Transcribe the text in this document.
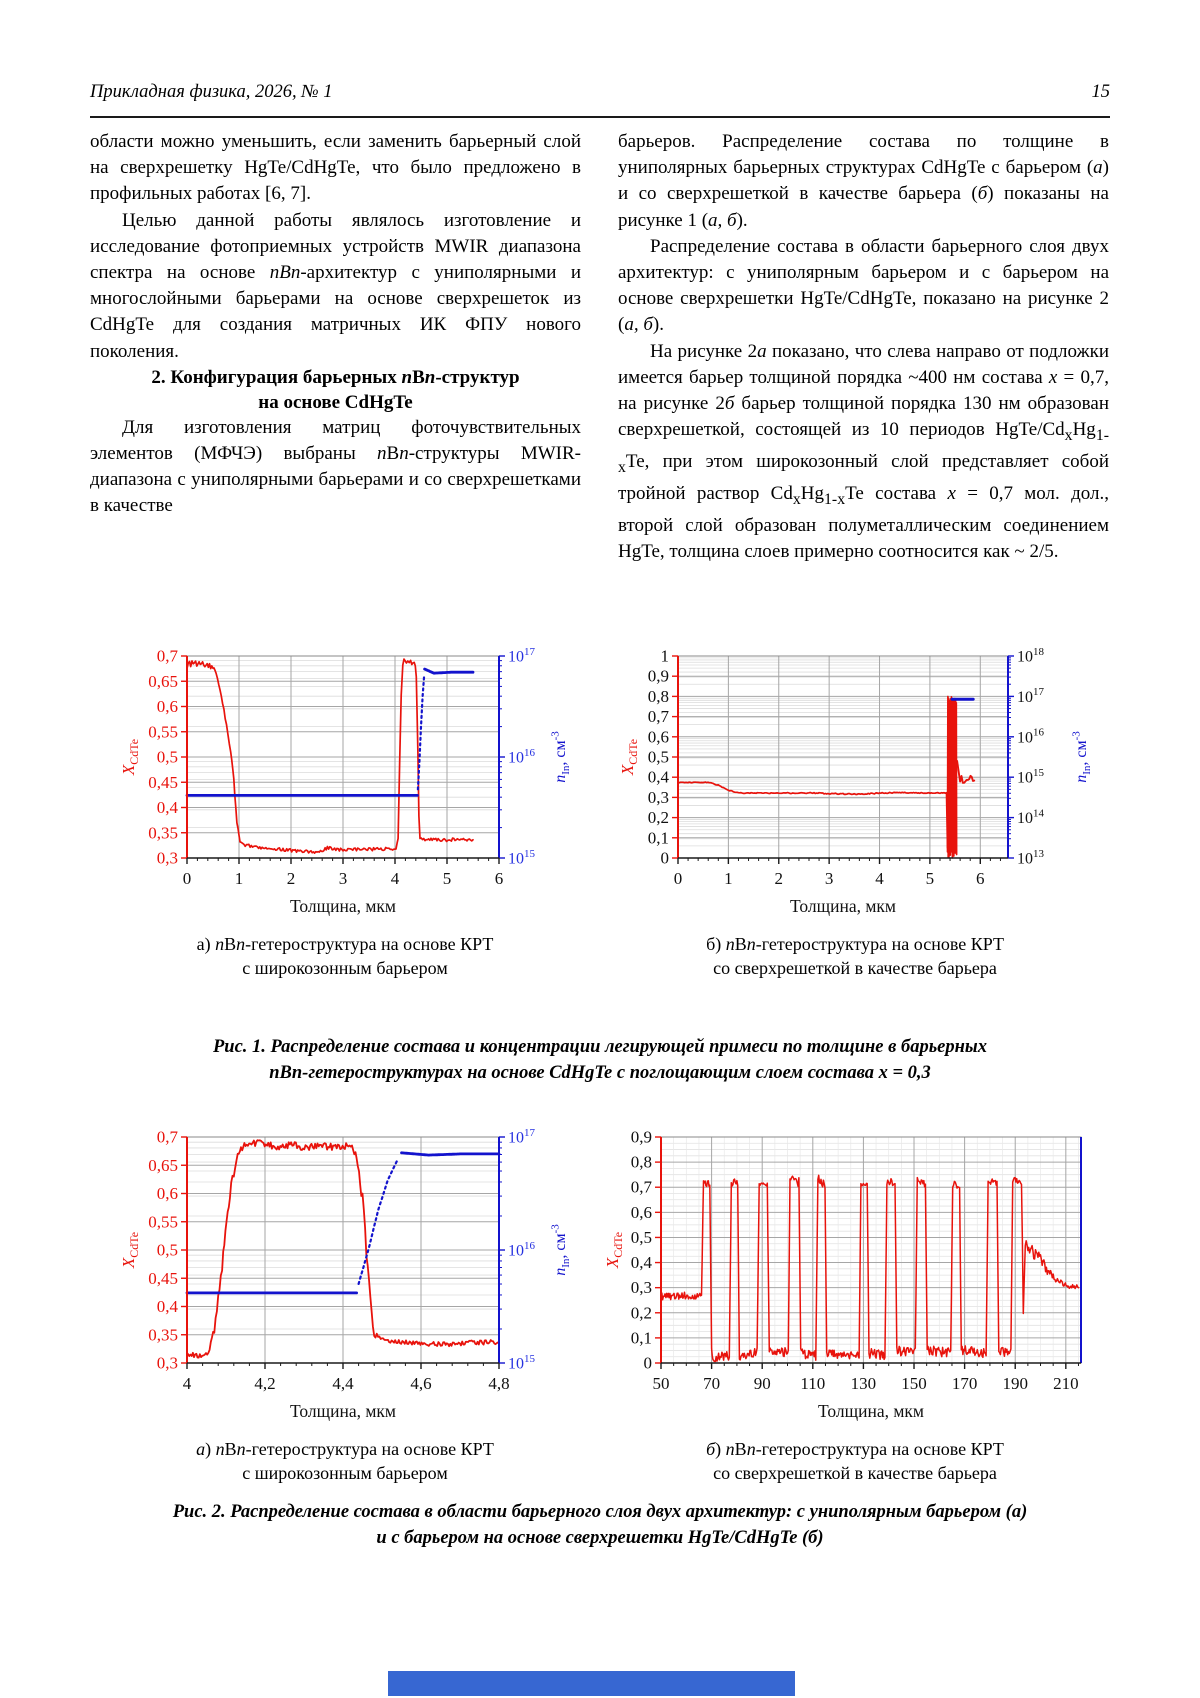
Прикладная физика, 2026, № 1	15

области можно уменьшить, если заменить барьерный слой на сверхрешетку HgTe/CdHgTe, что было предложено в профильных работах [6, 7].

Целью данной работы являлось изготовление и исследование фотоприемных устройств MWIR диапазона спектра на основе nBn-архитектур с униполярными и многослойными барьерами на основе сверхрешеток из CdHgTe для создания матричных ИК ФПУ нового поколения.

2. Конфигурация барьерных nBn-структур
на основе CdHgTe

Для изготовления матриц фоточувствительных элементов (МФЧЭ) выбраны nBn-структуры MWIR-диапазона с униполярными барьерами и со сверхрешетками в качестве

барьеров. Распределение состава по толщине в униполярных барьерных структурах CdHgTe с барьером (а) и со сверхрешеткой в качестве барьера (б) показаны на рисунке 1 (а, б).

Распределение состава в области барьерного слоя двух архитектур: с униполярным барьером и с барьером на основе сверхрешетки HgTe/CdHgTe, показано на рисунке 2 (а, б).

На рисунке 2а показано, что слева направо от подложки имеется барьер толщиной порядка ~400 нм состава x = 0,7, на рисунке 2б барьер толщиной порядка 130 нм образован сверхрешеткой, состоящей из 10 периодов HgTe/$Cd_xHg_{1-x}Te$, при этом широкозонный слой представляет собой тройной раствор $Cd_xHg_{1-x}Te$ состава x = 0,7 мол. дол., второй слой образован полуметаллическим соединением HgTe, толщина слоев примерно соотносится как ~ 2/5.

0,3
0,35
0,4
0,45
0,5
0,55
0,6
0,65
0,7
$10^{15}$
$10^{16}$
$10^{17}$
0	1	2	3	4	5	6
Толщина, мкм
$X_{CdTe}$
$n_{In}$, $см^{-3}$
а) nBn-гетероструктура на основе КРТ
с широкозонным барьером
0
0,1
0,2
0,3
0,4
0,5
0,6
0,7
0,8
0,9
1
$10^{13}$
$10^{14}$
$10^{15}$
$10^{16}$
$10^{17}$
$10^{18}$
0 1 2 3 4 5 6
Толщина, мкм
$X_{CdTe}$
$n_{In}$, $см^{-3}$
б) nBn-гетероструктура на основе КРТ
со сверхрешеткой в качестве барьера
Рис. 1. Распределение состава и концентрации легирующей примеси по толщине в барьерных
nBn-гетероструктурах на основе CdHgTe с поглощающим слоем состава x = 0,3
0,3
0,35
0,4
0,45
0,5
0,55
0,6
0,65
0,7
$10^{15}$
$10^{16}$
$10^{17}$
4	4,2	4,4	4,6	4,8
Толщина, мкм
$X_{CdTe}$
$n_{In}$, $см^{-3}$
а) nBn-гетероструктура на основе КРТ
с широкозонным барьером
0
0,1
0,2
0,3
0,4
0,5
0,6
0,7
0,8
0,9
50 70 90 110 130 150 170 190 210
Толщина, мкм
$X_{CdTe}$
б) nBn-гетероструктура на основе КРТ
со сверхрешеткой в качестве барьера
Рис. 2. Распределение состава в области барьерного слоя двух архитектур: с униполярным барьером (а)
и с барьером на основе сверхрешетки HgTe/CdHgTe (б)
